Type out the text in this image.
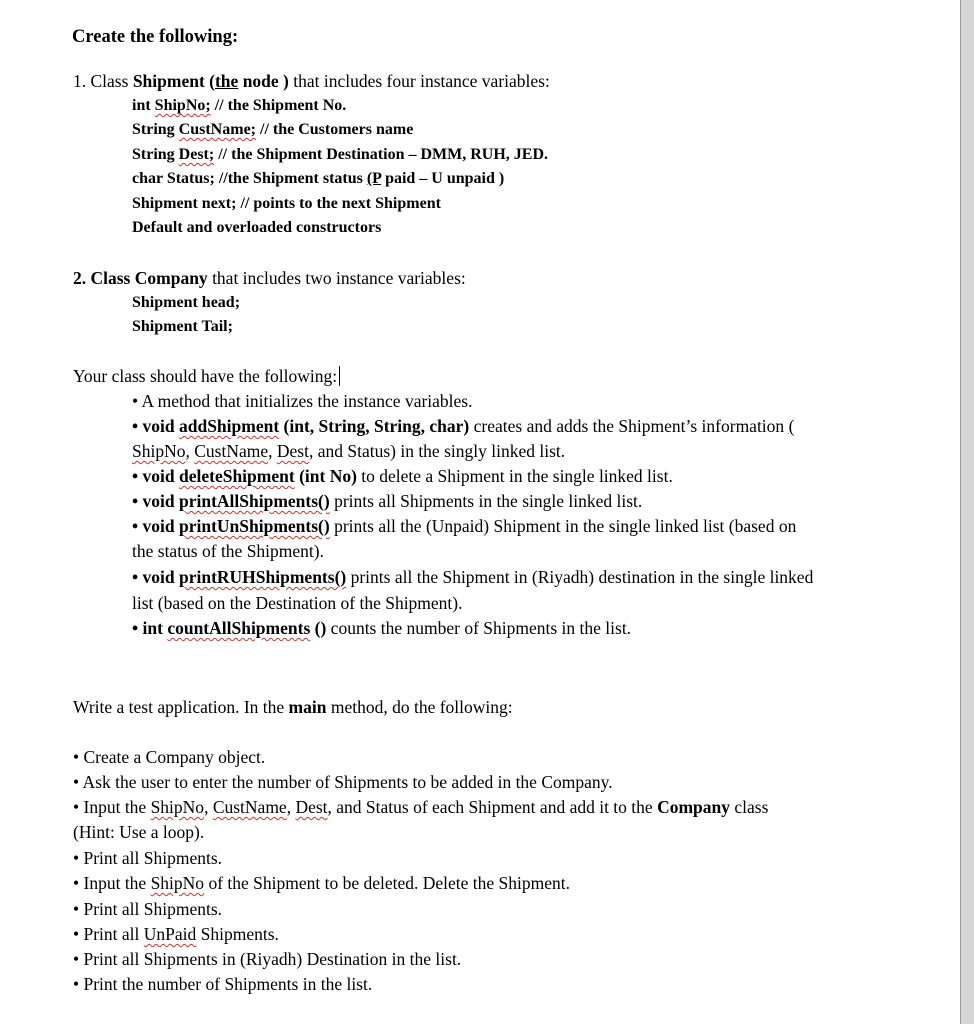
Create the following:
1. Class Shipment (the node ) that includes four instance variables:
int ShipNo; // the Shipment No.
String CustName; // the Customers name
String Dest; // the Shipment Destination – DMM, RUH, JED.
char Status; //the Shipment status (P paid – U unpaid )
Shipment next; // points to the next Shipment
Default and overloaded constructors
2. Class Company that includes two instance variables:
Shipment head;
Shipment Tail;
Your class should have the following:
• A method that initializes the instance variables.
• void addShipment (int, String, String, char) creates and adds the Shipment’s information (
ShipNo, CustName, Dest, and Status) in the singly linked list.
• void deleteShipment (int No) to delete a Shipment in the single linked list.
• void printAllShipments() prints all Shipments in the single linked list.
• void printUnShipments() prints all the (Unpaid) Shipment in the single linked list (based on
the status of the Shipment).
• void printRUHShipments() prints all the Shipment in (Riyadh) destination in the single linked
list (based on the Destination of the Shipment).
• int countAllShipments () counts the number of Shipments in the list.
Write a test application. In the main method, do the following:
• Create a Company object.
• Ask the user to enter the number of Shipments to be added in the Company.
• Input the ShipNo, CustName, Dest, and Status of each Shipment and add it to the Company class
(Hint: Use a loop).
• Print all Shipments.
• Input the ShipNo of the Shipment to be deleted. Delete the Shipment.
• Print all Shipments.
• Print all UnPaid Shipments.
• Print all Shipments in (Riyadh) Destination in the list.
• Print the number of Shipments in the list.
